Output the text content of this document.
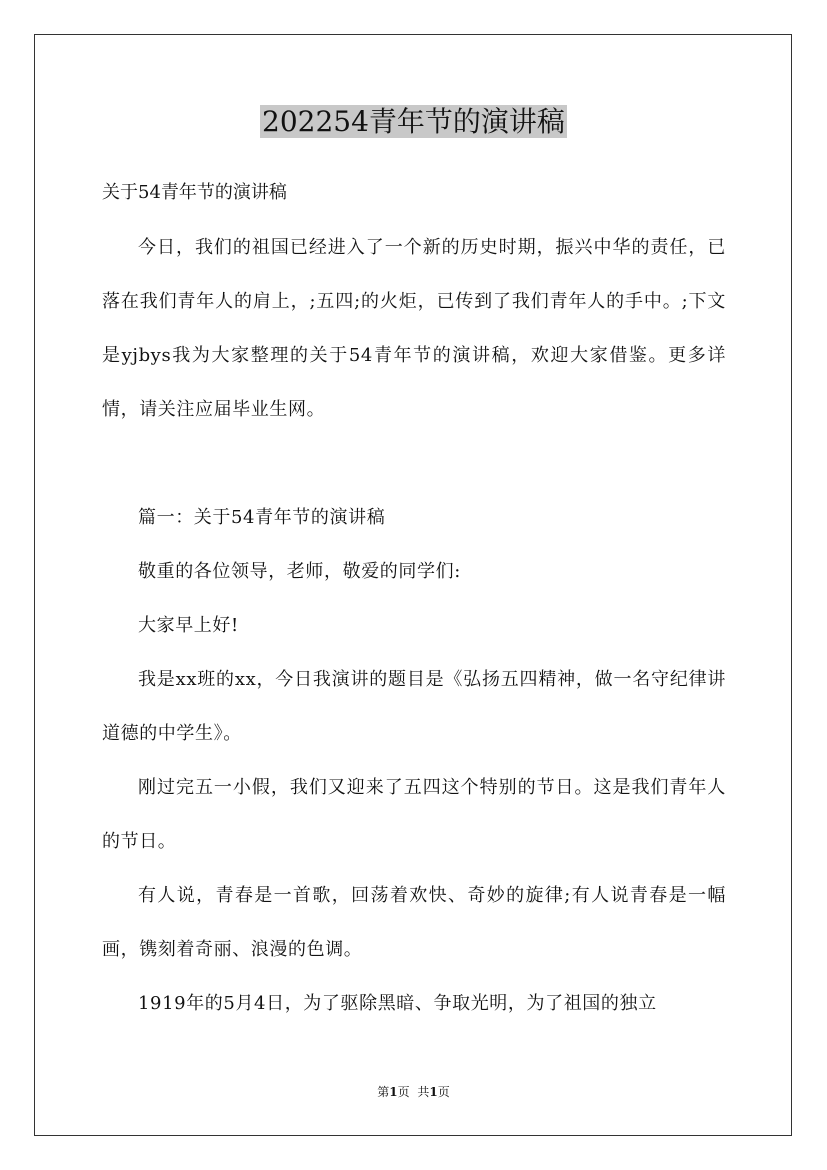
202254青年节的演讲稿
关于54青年节的演讲稿
今日，我们的祖国已经进入了一个新的历史时期，振兴中华的责任，已落在我们青年人的肩上，;五四;的火炬，已传到了我们青年人的手中。;下文是yjbys我为大家整理的关于54青年节的演讲稿，欢迎大家借鉴。更多详情，请关注应届毕业生网。
篇一：关于54青年节的演讲稿
敬重的各位领导，老师，敬爱的同学们:
大家早上好!
我是xx班的xx，今日我演讲的题目是《弘扬五四精神，做一名守纪律讲道德的中学生》。
刚过完五一小假，我们又迎来了五四这个特别的节日。这是我们青年人的节日。
有人说，青春是一首歌，回荡着欢快、奇妙的旋律;有人说青春是一幅画，镌刻着奇丽、浪漫的色调。
1919年的5月4日，为了驱除黑暗、争取光明，为了祖国的独立
第1页 共1页
